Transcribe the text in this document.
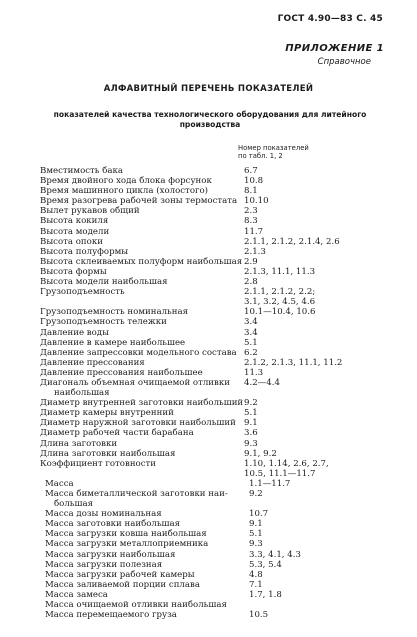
ГОСТ 4.90—83 С. 45
ПРИЛОЖЕНИЕ 1
Справочное
АЛФАВИТНЫЙ ПЕРЕЧЕНЬ ПОКАЗАТЕЛЕЙ
показателей качества технологического оборудования для литейного
производства
Номер показателей
по табл. 1, 2
Вместимость бака	6.7
Время двойного хода блока форсунок	10.8
Время машинного цикла (холостого)	8.1
Время разогрева рабочей зоны термостата 10.10
Вылет рукавов общий	2.3
Высота кокиля	8.3
Высота модели	11.7
Высота опоки	2.1.1, 2.1.2, 2.1.4, 2.6
Высота полуформы	2.1.3
Высота склеиваемых полуформ наибольшая 2.9
Высота формы	2.1.3, 11.1, 11.3
Высота модели наибольшая	2.8
Грузоподъемность	2.1.1, 2.1.2, 2.2;
3.1, 3.2, 4.5, 4.6
Грузоподъемность номинальная	10.1—10.4, 10.6
Грузоподъемность тележки	3.4
Давление воды	3.4
Давление в камере наибольшее	5.1
Давление запрессовки модельного состава 6.2
Давление прессования	2.1.2, 2.1.3, 11.1, 11.2
Давление прессования наибольшее	11.3
Диагональ объемная очищаемой отливки	4.2—4.4
наибольшая
Диаметр внутренней заготовки наибольший 9.2
Диаметр камеры внутренний	5.1
Диаметр наружной заготовки наибольший 9.1
Диаметр рабочей части барабана	3.6
Длина заготовки	9.3
Длина заготовки наибольшая	9.1, 9.2
Коэффициент готовности	1.10, 1.14, 2.6, 2.7,
10.5, 11.1—11.7
Масса	1.1—11.7
Масса биметаллической заготовки наи-	9.2
большая
Масса дозы номинальная	10.7
Масса заготовки наибольшая	9.1
Масса загрузки ковша наибольшая	5.1
Масса загрузки металлоприемника	9.3
Масса загрузки наибольшая	3.3, 4.1, 4.3
Масса загрузки полезная	5.3, 5.4
Масса загрузки рабочей камеры	4.8
Масса заливаемой порции сплава	7.1
Масса замеса	1.7, 1.8
Масса очищаемой отливки наибольшая
Масса перемещаемого груза	10.5
